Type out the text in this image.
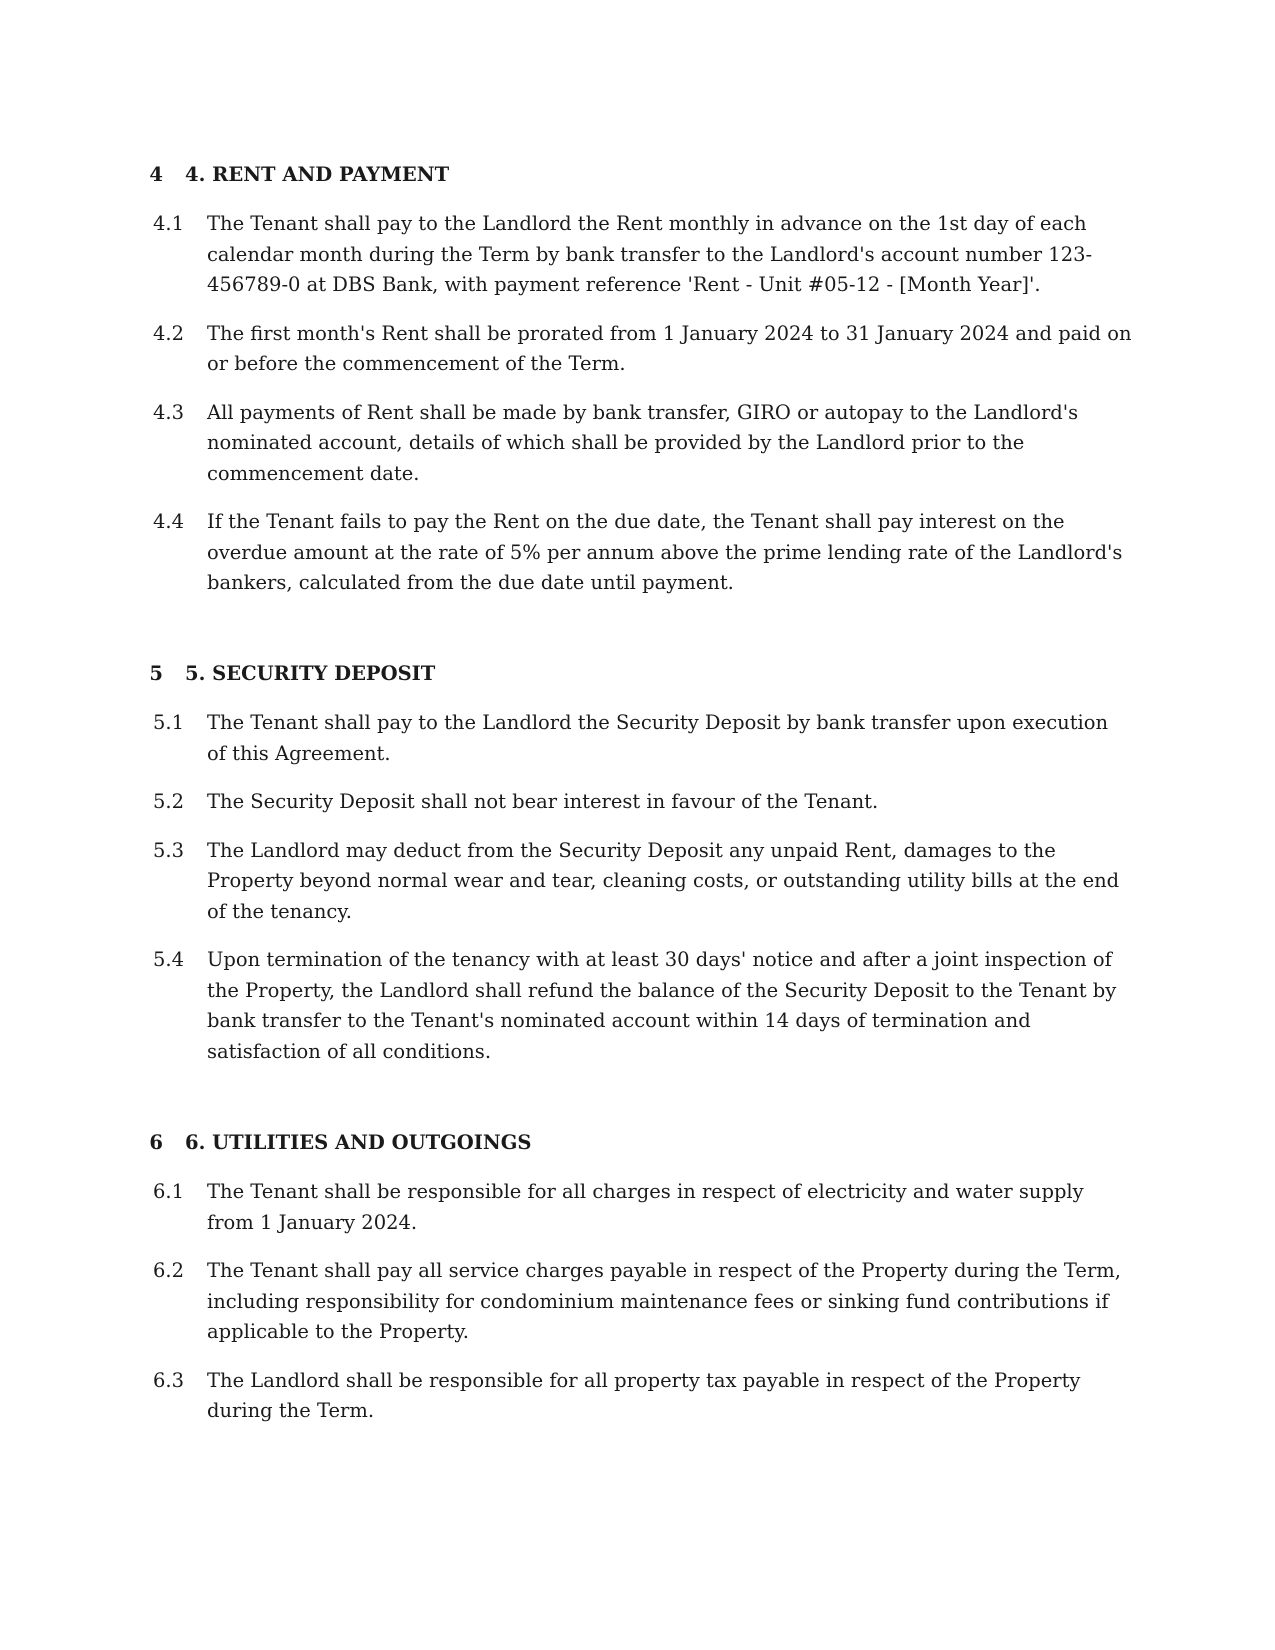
4	4. RENT AND PAYMENT
4.1	The Tenant shall pay to the Landlord the Rent monthly in advance on the 1st day of each calendar month during the Term by bank transfer to the Landlord's account number 123-456789-0 at DBS Bank, with payment reference 'Rent - Unit #05-12 - [Month Year]'.
4.2	The first month's Rent shall be prorated from 1 January 2024 to 31 January 2024 and paid on or before the commencement of the Term.
4.3	All payments of Rent shall be made by bank transfer, GIRO or autopay to the Landlord's nominated account, details of which shall be provided by the Landlord prior to the commencement date.
4.4	If the Tenant fails to pay the Rent on the due date, the Tenant shall pay interest on the overdue amount at the rate of 5% per annum above the prime lending rate of the Landlord's bankers, calculated from the due date until payment.
5	5. SECURITY DEPOSIT
5.1	The Tenant shall pay to the Landlord the Security Deposit by bank transfer upon execution of this Agreement.
5.2	The Security Deposit shall not bear interest in favour of the Tenant.
5.3	The Landlord may deduct from the Security Deposit any unpaid Rent, damages to the Property beyond normal wear and tear, cleaning costs, or outstanding utility bills at the end of the tenancy.
5.4	Upon termination of the tenancy with at least 30 days' notice and after a joint inspection of the Property, the Landlord shall refund the balance of the Security Deposit to the Tenant by bank transfer to the Tenant's nominated account within 14 days of termination and satisfaction of all conditions.
6	6. UTILITIES AND OUTGOINGS
6.1	The Tenant shall be responsible for all charges in respect of electricity and water supply from 1 January 2024.
6.2	The Tenant shall pay all service charges payable in respect of the Property during the Term, including responsibility for condominium maintenance fees or sinking fund contributions if applicable to the Property.
6.3	The Landlord shall be responsible for all property tax payable in respect of the Property during the Term.
